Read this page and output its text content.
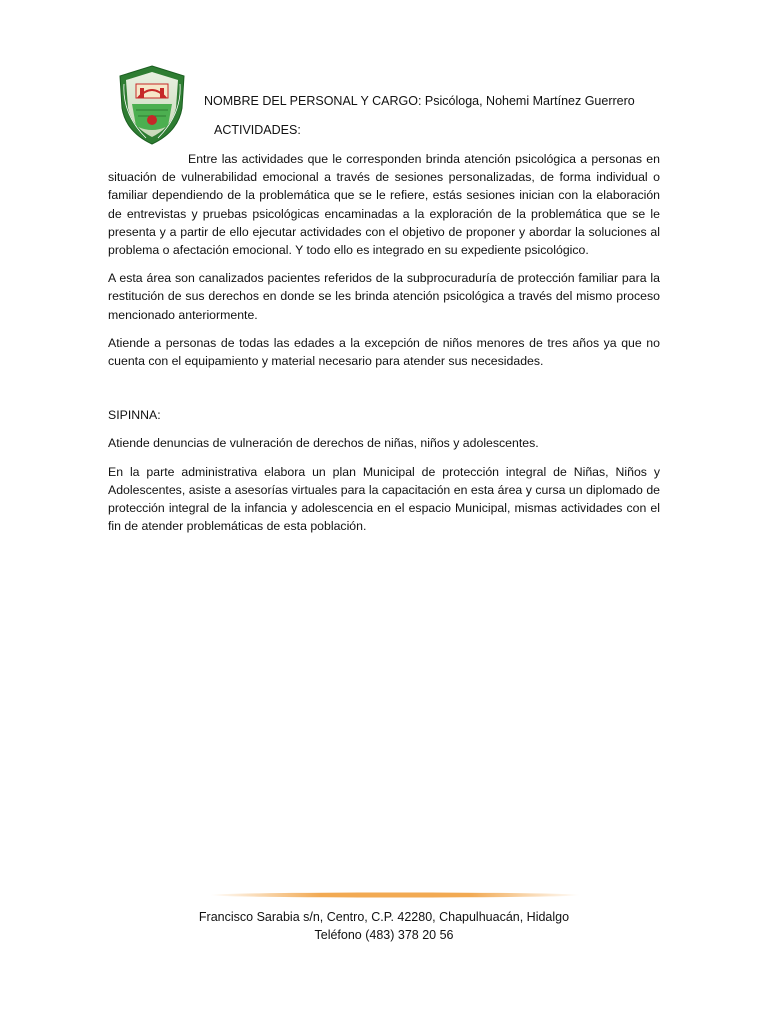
NOMBRE DEL PERSONAL Y CARGO: Psicóloga, Nohemi Martínez Guerrero
ACTIVIDADES:

Entre las actividades que le corresponden brinda atención psicológica a personas en situación de vulnerabilidad emocional a través de sesiones personalizadas, de forma individual o familiar dependiendo de la problemática que se le refiere, estás sesiones inician con la elaboración de entrevistas y pruebas psicológicas encaminadas a la exploración de la problemática que se le presenta y a partir de ello ejecutar actividades con el objetivo de proponer y abordar la soluciones al problema o afectación emocional. Y todo ello es integrado en su expediente psicológico.

A esta área son canalizados pacientes referidos de la subprocuraduría de protección familiar para la restitución de sus derechos en donde se les brinda atención psicológica a través del mismo proceso mencionado anteriormente.

Atiende a personas de todas las edades a la excepción de niños menores de tres años ya que no cuenta con el equipamiento y material necesario para atender sus necesidades.

SIPINNA:

Atiende denuncias de vulneración de derechos de niñas, niños y adolescentes.

En la parte administrativa elabora un plan Municipal de protección integral de Niñas, Niños y Adolescentes, asiste a asesorías virtuales para la capacitación en esta área y cursa un diplomado de protección integral de la infancia y adolescencia en el espacio Municipal, mismas actividades con el fin de atender problemáticas de esta población.

Francisco Sarabia s/n, Centro, C.P. 42280, Chapulhuacán, Hidalgo
Teléfono (483) 378 20 56
